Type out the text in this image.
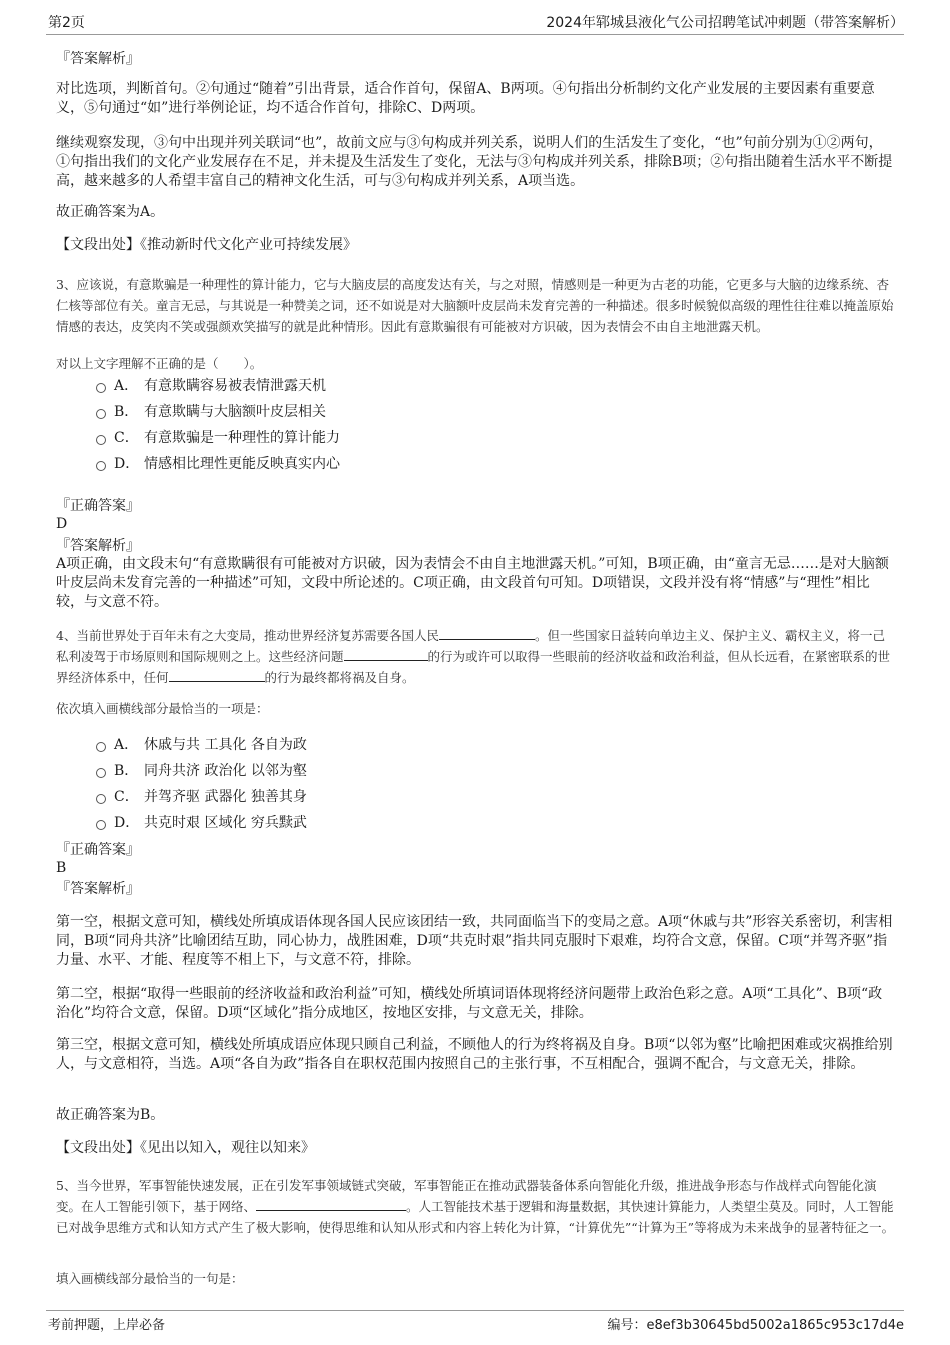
第2页	2024年郓城县液化气公司招聘笔试冲刺题（带答案解析）
『答案解析』
对比选项，判断首句。②句通过“随着”引出背景，适合作首句，保留A、B两项。④句指出分析制约文化产业发展的主要因素有重要意义，⑤句通过“如”进行举例论证，均不适合作首句，排除C、D两项。
继续观察发现，③句中出现并列关联词“也”，故前文应与③句构成并列关系，说明人们的生活发生了变化，“也”句前分别为①②两句，①句指出我们的文化产业发展存在不足，并未提及生活发生了变化，无法与③句构成并列关系，排除B项；②句指出随着生活水平不断提高，越来越多的人希望丰富自己的精神文化生活，可与③句构成并列关系，A项当选。
故正确答案为A。
【文段出处】《推动新时代文化产业可持续发展》
3、应该说，有意欺骗是一种理性的算计能力，它与大脑皮层的高度发达有关，与之对照，情感则是一种更为古老的功能，它更多与大脑的边缘系统、杏仁核等部位有关。童言无忌，与其说是一种赞美之词，还不如说是对大脑额叶皮层尚未发育完善的一种描述。很多时候貌似高级的理性往往难以掩盖原始情感的表达，皮笑肉不笑或强颜欢笑描写的就是此种情形。因此有意欺骗很有可能被对方识破，因为表情会不由自主地泄露天机。
对以上文字理解不正确的是（　　）。
A． 有意欺瞒容易被表情泄露天机
B． 有意欺瞒与大脑额叶皮层相关
C． 有意欺骗是一种理性的算计能力
D． 情感相比理性更能反映真实内心
『正确答案』
D
『答案解析』
A项正确，由文段末句“有意欺瞒很有可能被对方识破，因为表情会不由自主地泄露天机。”可知，B项正确，由“童言无忌……是对大脑额叶皮层尚未发育完善的一种描述”可知，文段中所论述的。C项正确，由文段首句可知。D项错误，文段并没有将“情感”与“理性”相比较，与文意不符。
4、当前世界处于百年未有之大变局，推动世界经济复苏需要各国人民	。但一些国家日益转向单边主义、保护主义、霸权主义，将一己私利凌驾于市场原则和国际规则之上。这些经济问题	的行为或许可以取得一些眼前的经济收益和政治利益，但从长远看，在紧密联系的世界经济体系中，任何	的行为最终都将祸及自身。
依次填入画横线部分最恰当的一项是：
A． 休戚与共 工具化 各自为政
B． 同舟共济 政治化 以邻为壑
C． 并驾齐驱 武器化 独善其身
D． 共克时艰 区域化 穷兵黩武
『正确答案』
B
『答案解析』
第一空，根据文意可知，横线处所填成语体现各国人民应该团结一致，共同面临当下的变局之意。A项“休戚与共”形容关系密切，利害相同，B项“同舟共济”比喻团结互助，同心协力，战胜困难，D项“共克时艰”指共同克服时下艰难，均符合文意，保留。C项“并驾齐驱”指力量、水平、才能、程度等不相上下，与文意不符，排除。
第二空，根据“取得一些眼前的经济收益和政治利益”可知，横线处所填词语体现将经济问题带上政治色彩之意。A项“工具化”、B项“政治化”均符合文意，保留。D项“区域化”指分成地区，按地区安排，与文意无关，排除。
第三空，根据文意可知，横线处所填成语应体现只顾自己利益，不顾他人的行为终将祸及自身。B项“以邻为壑”比喻把困难或灾祸推给别人，与文意相符，当选。A项“各自为政”指各自在职权范围内按照自己的主张行事，不互相配合，强调不配合，与文意无关，排除。
故正确答案为B。
【文段出处】《见出以知入，观往以知来》
5、当今世界，军事智能快速发展，正在引发军事领域链式突破，军事智能正在推动武器装备体系向智能化升级，推进战争形态与作战样式向智能化演变。在人工智能引领下，基于网络、	。人工智能技术基于逻辑和海量数据，其快速计算能力，人类望尘莫及。同时，人工智能已对战争思维方式和认知方式产生了极大影响，使得思维和认知从形式和内容上转化为计算，“计算优先”“计算为王”等将成为未来战争的显著特征之一。
填入画横线部分最恰当的一句是：
考前押题，上岸必备	编号：e8ef3b30645bd5002a1865c953c17d4e
